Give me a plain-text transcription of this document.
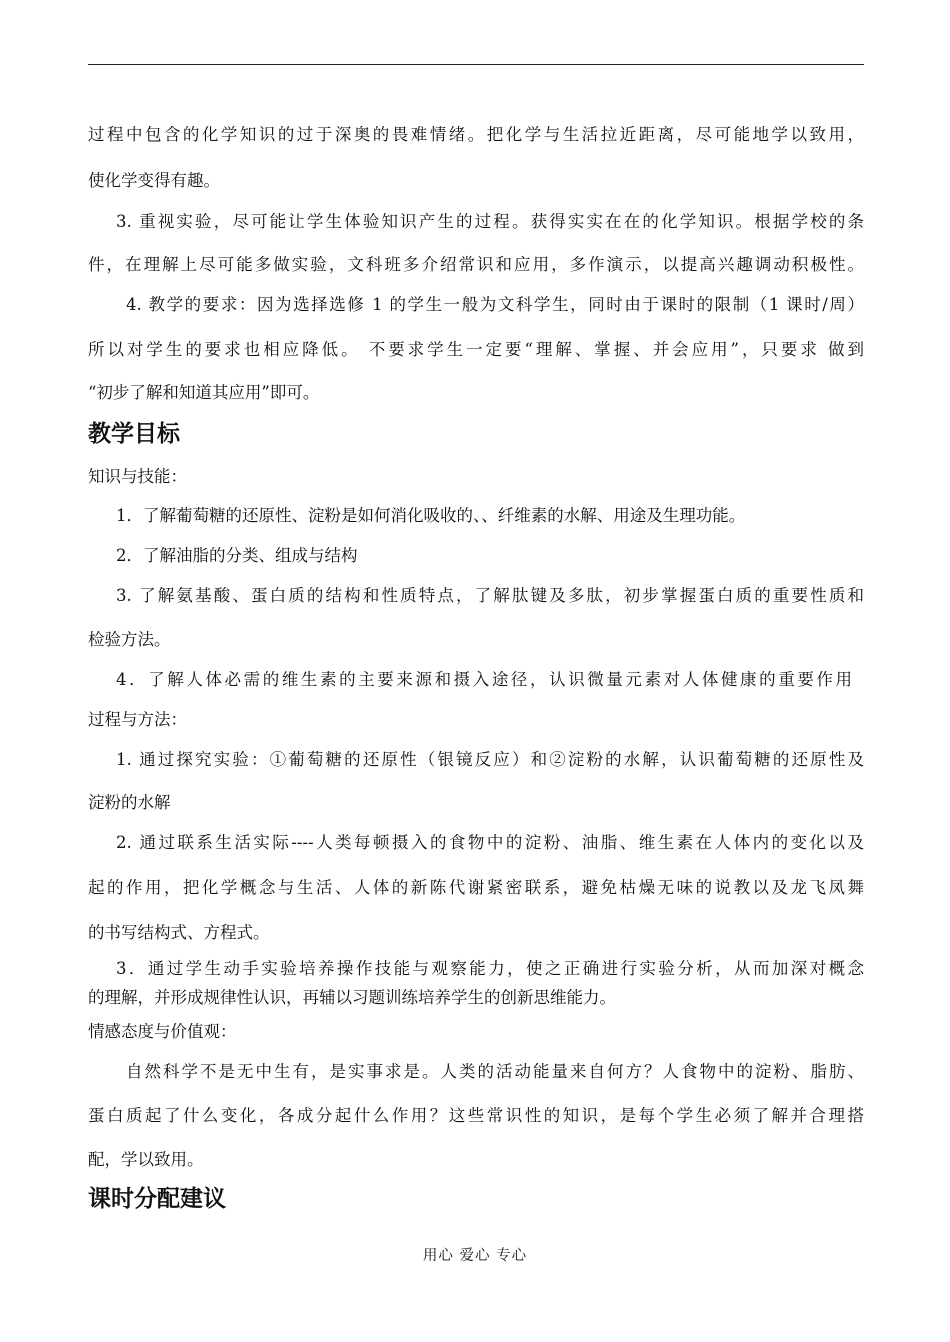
过程中包含的化学知识的过于深奥的畏难情绪。把化学与生活拉近距离，尽可能地学以致用，
使化学变得有趣。
3. 重视实验，尽可能让学生体验知识产生的过程。获得实实在在的化学知识。根据学校的条
件，在理解上尽可能多做实验，文科班多介绍常识和应用，多作演示，以提高兴趣调动积极性。
4. 教学的要求：因为选择选修 1 的学生一般为文科学生，同时由于课时的限制（1 课时/周）
所以对学生的要求也相应降低。 不要求学生一定要“理解、掌握、并会应用”，只要求 做到
“初步了解和知道其应用”即可。
教学目标
知识与技能：
1．了解葡萄糖的还原性、淀粉是如何消化吸收的、、纤维素的水解、用途及生理功能。
2．了解油脂的分类、组成与结构
3. 了解氨基酸、蛋白质的结构和性质特点，了解肽键及多肽，初步掌握蛋白质的重要性质和
检验方法。
4．了解人体必需的维生素的主要来源和摄入途径，认识微量元素对人体健康的重要作用
过程与方法：
1. 通过探究实验：①葡萄糖的还原性（银镜反应）和②淀粉的水解，认识葡萄糖的还原性及
淀粉的水解
2. 通过联系生活实际----人类每顿摄入的食物中的淀粉、油脂、维生素在人体内的变化以及
起的作用，把化学概念与生活、人体的新陈代谢紧密联系，避免枯燥无味的说教以及龙飞凤舞
的书写结构式、方程式。
3．通过学生动手实验培养操作技能与观察能力，使之正确进行实验分析，从而加深对概念
的理解，并形成规律性认识，再辅以习题训练培养学生的创新思维能力。
情感态度与价值观：
自然科学不是无中生有，是实事求是。人类的活动能量来自何方？人食物中的淀粉、脂肪、
蛋白质起了什么变化，各成分起什么作用？这些常识性的知识，是每个学生必须了解并合理搭
配，学以致用。
课时分配建议
用心 爱心 专心
